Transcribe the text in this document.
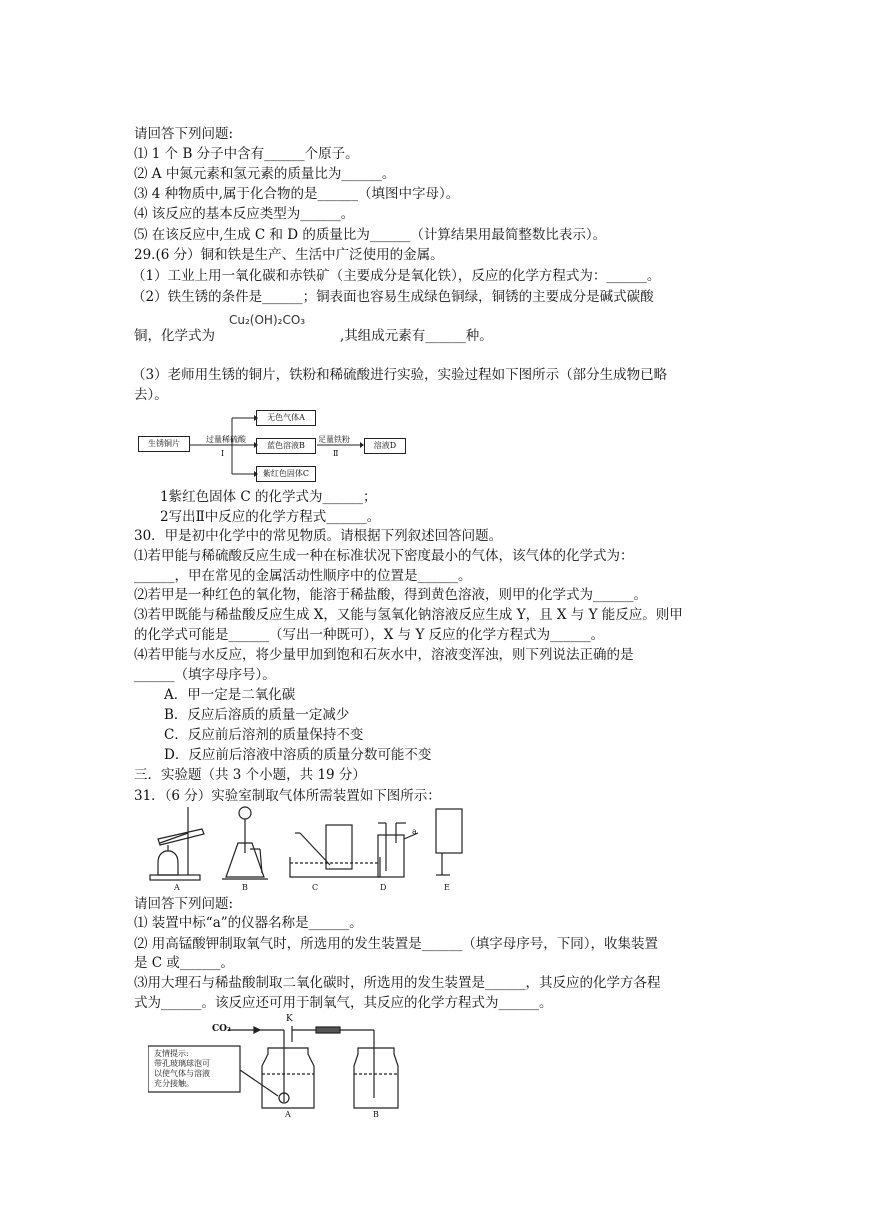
请回答下列问题:
⑴ 1 个 B 分子中含有______个原子。
⑵ A 中氮元素和氢元素的质量比为______。
⑶ 4 种物质中,属于化合物的是______（填图中字母）。
⑷ 该反应的基本反应类型为______。
⑸ 在该反应中,生成 C 和 D 的质量比为______（计算结果用最简整数比表示）。
29.(6 分）铜和铁是生产、生活中广泛使用的金属。
（1）工业上用一氧化碳和赤铁矿（主要成分是氧化铁），反应的化学方程式为：______。
（2）铁生锈的条件是______；铜表面也容易生成绿色铜绿，铜锈的主要成分是碱式碳酸
铜，化学式为
Cu₂(OH)₂CO₃
,其组成元素有______种。
（3）老师用生锈的铜片，铁粉和稀硫酸进行实验，实验过程如下图所示（部分生成物已略
去）。
生锈铜片	过量稀硫酸
Ⅰ
无色气体A
蓝色溶液B
紫红色固体C
足量铁粉
Ⅱ
溶液D
1紫红色固体 C 的化学式为______；
2写出Ⅱ中反应的化学方程式______。
30．甲是初中化学中的常见物质。请根据下列叙述回答问题。
⑴若甲能与稀硫酸反应生成一种在标准状况下密度最小的气体，该气体的化学式为：
______，甲在常见的金属活动性顺序中的位置是______。
⑵若甲是一种红色的氧化物，能溶于稀盐酸，得到黄色溶液，则甲的化学式为______。
⑶若甲既能与稀盐酸反应生成 X，又能与氢氧化钠溶液反应生成 Y，且 X 与 Y 能反应。则甲
的化学式可能是______（写出一种既可），X 与 Y 反应的化学方程式为______。
⑷若甲能与水反应，将少量甲加到饱和石灰水中，溶液变浑浊，则下列说法正确的是
______（填字母序号）。
A．甲一定是二氧化碳
B．反应后溶质的质量一定减少
C．反应前后溶剂的质量保持不变
D．反应前后溶液中溶质的质量分数可能不变
三．实验题（共 3 个小题，共 19 分）
31．（6 分）实验室制取气体所需装置如下图所示：
A	B	C	D	E
a
请回答下列问题:
⑴ 装置中标“a”的仪器名称是______。
⑵ 用高锰酸钾制取氧气时，所选用的发生装置是______（填字母序号，下同），收集装置
是 C 或______。
⑶用大理石与稀盐酸制取二氧化碳时，所选用的发生装置是______，其反应的化学方各程
式为______。该反应还可用于制氧气，其反应的化学方程式为______。
CO₂
K
友情提示:
带孔玻璃球泡可
以使气体与溶液
充分接触。
A	B
